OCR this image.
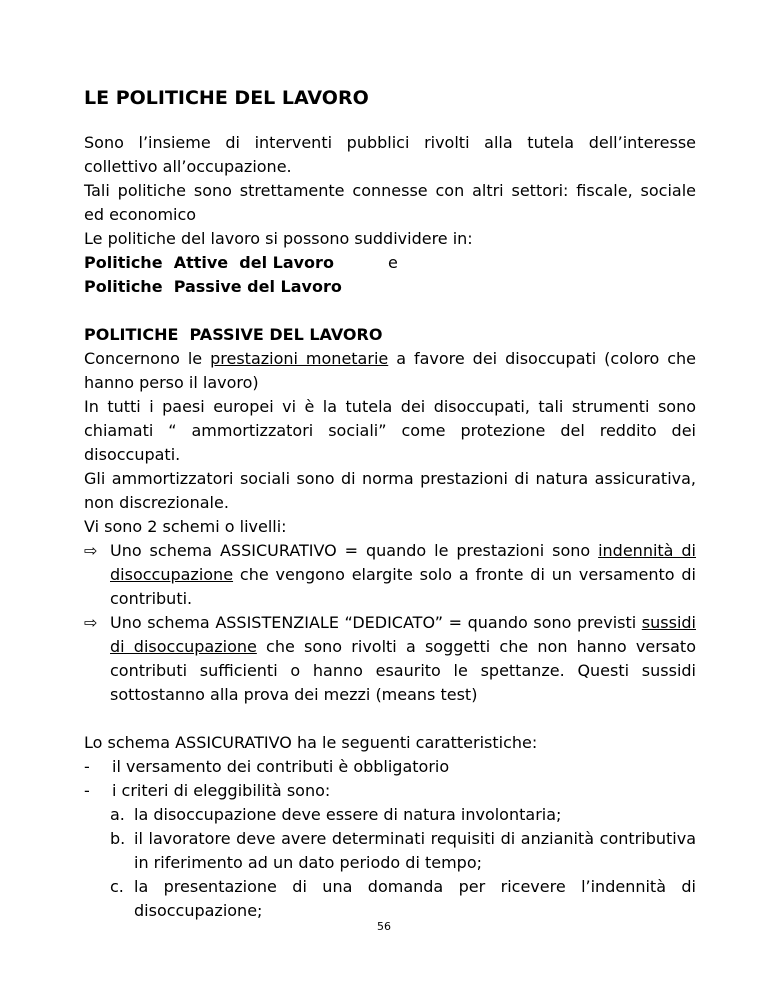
LE POLITICHE DEL LAVORO

Sono l’insieme di interventi pubblici rivolti alla tutela dell’interesse collettivo all’occupazione.

Tali politiche sono strettamente connesse con altri settori: fiscale, sociale ed economico

Le politiche del lavoro si possono suddividere in:

Politiche  Attive  del Lavoro	e
Politiche  Passive del Lavoro
POLITICHE  PASSIVE DEL LAVORO

Concernono le prestazioni monetarie a favore dei disoccupati (coloro che hanno perso il lavoro)

In tutti i paesi europei vi è la tutela dei disoccupati, tali strumenti sono chiamati “ ammortizzatori sociali” come protezione del reddito dei disoccupati.

Gli ammortizzatori sociali sono di norma prestazioni di natura assicurativa, non discrezionale.

Vi sono 2 schemi o livelli:

⇨ Uno schema ASSICURATIVO = quando le prestazioni sono indennità di disoccupazione che vengono elargite solo a fronte di un versamento di contributi.
⇨ Uno schema ASSISTENZIALE “DEDICATO” = quando sono previsti sussidi di disoccupazione che sono rivolti a soggetti che non hanno versato contributi sufficienti o hanno esaurito le spettanze. Questi sussidi sottostanno alla prova dei mezzi (means test)

Lo schema ASSICURATIVO ha le seguenti caratteristiche:

-	il versamento dei contributi è obbligatorio
-	i criteri di eleggibilità sono:
a. la disoccupazione deve essere di natura involontaria;
b. il lavoratore deve avere determinati requisiti di anzianità contributiva in riferimento ad un dato periodo di tempo;
c. la presentazione di una domanda per ricevere l’indennità di disoccupazione;
56
